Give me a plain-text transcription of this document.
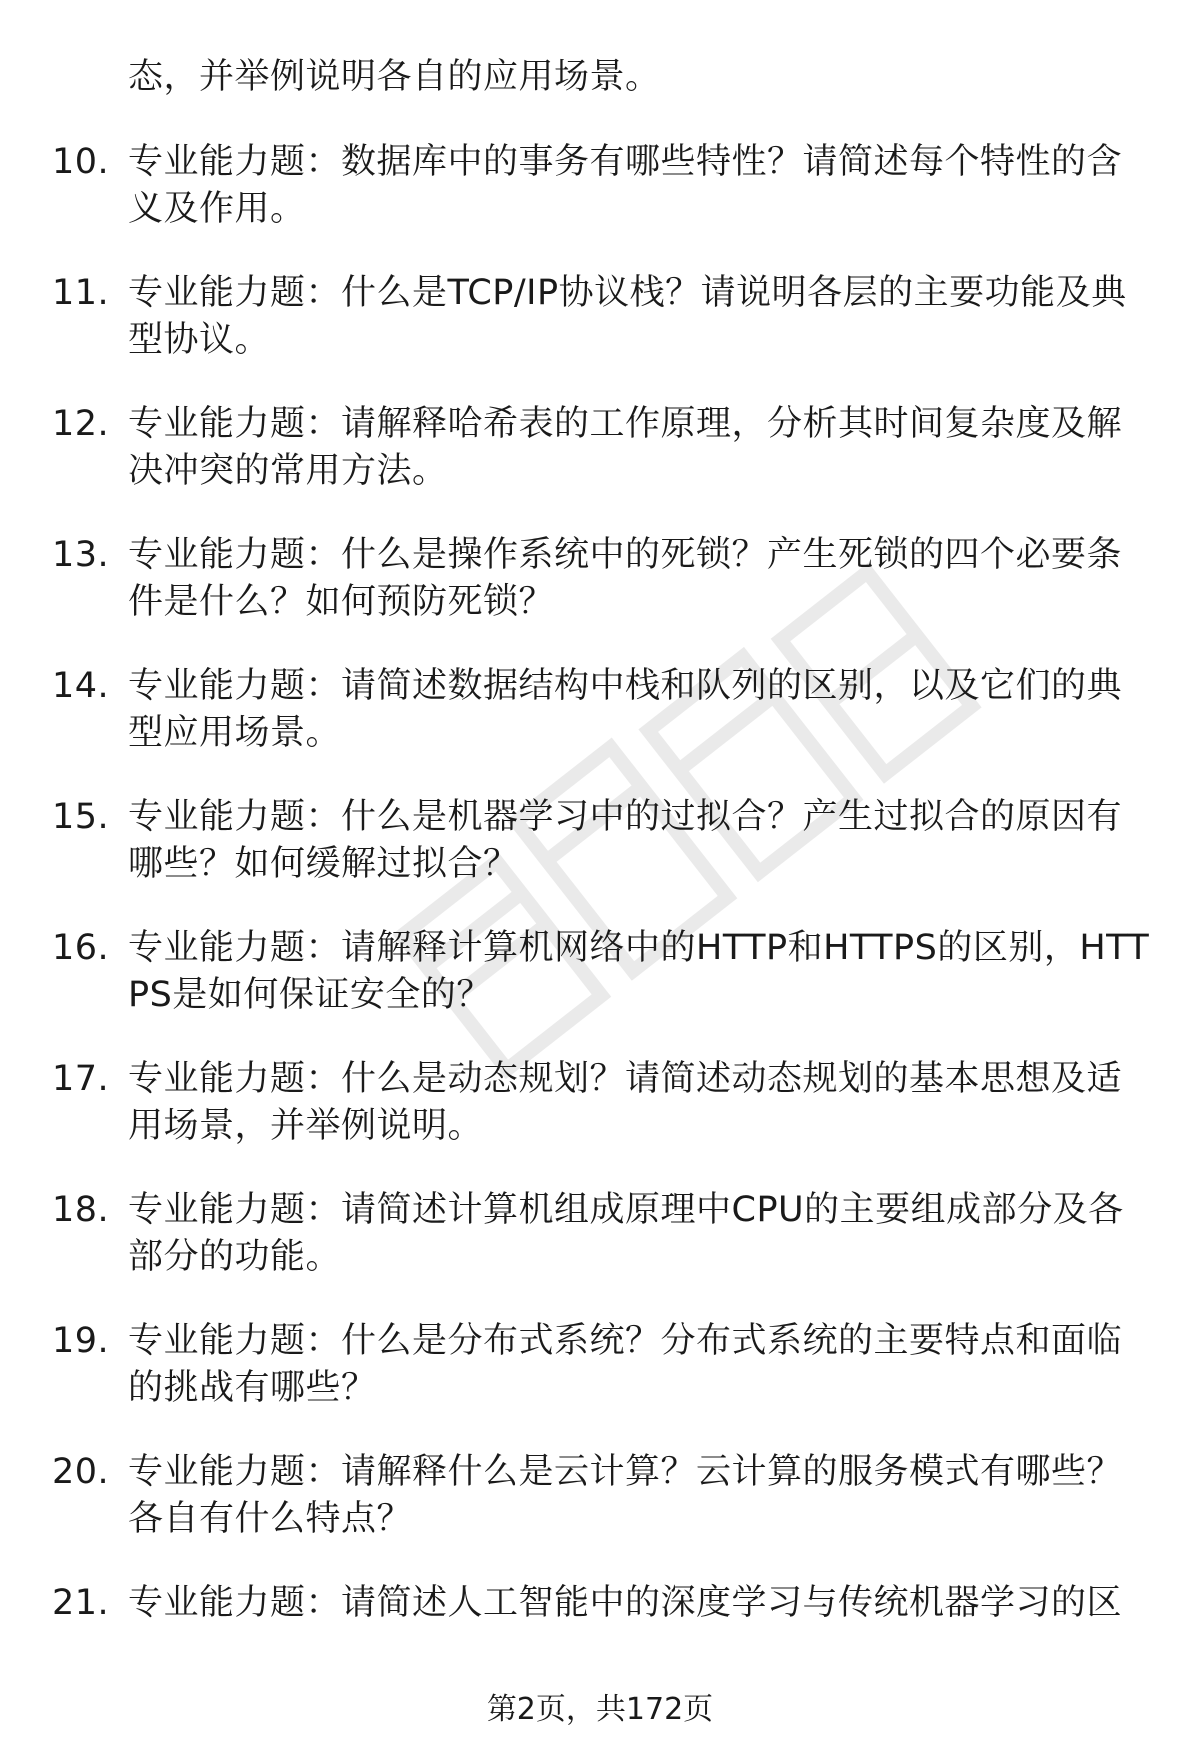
态，并举例说明各自的应用场景。
10. 专业能力题：数据库中的事务有哪些特性？请简述每个特性的含义及作用。
11. 专业能力题：什么是TCP/IP协议栈？请说明各层的主要功能及典型协议。
12. 专业能力题：请解释哈希表的工作原理，分析其时间复杂度及解决冲突的常用方法。
13. 专业能力题：什么是操作系统中的死锁？产生死锁的四个必要条件是什么？如何预防死锁？
14. 专业能力题：请简述数据结构中栈和队列的区别，以及它们的典型应用场景。
15. 专业能力题：什么是机器学习中的过拟合？产生过拟合的原因有哪些？如何缓解过拟合？
16. 专业能力题：请解释计算机网络中的HTTP和HTTPS的区别，HTTPS是如何保证安全的？
17. 专业能力题：什么是动态规划？请简述动态规划的基本思想及适用场景，并举例说明。
18. 专业能力题：请简述计算机组成原理中CPU的主要组成部分及各部分的功能。
19. 专业能力题：什么是分布式系统？分布式系统的主要特点和面临的挑战有哪些？
20. 专业能力题：请解释什么是云计算？云计算的服务模式有哪些？各自有什么特点？
21. 专业能力题：请简述人工智能中的深度学习与传统机器学习的区
第2页，共172页
